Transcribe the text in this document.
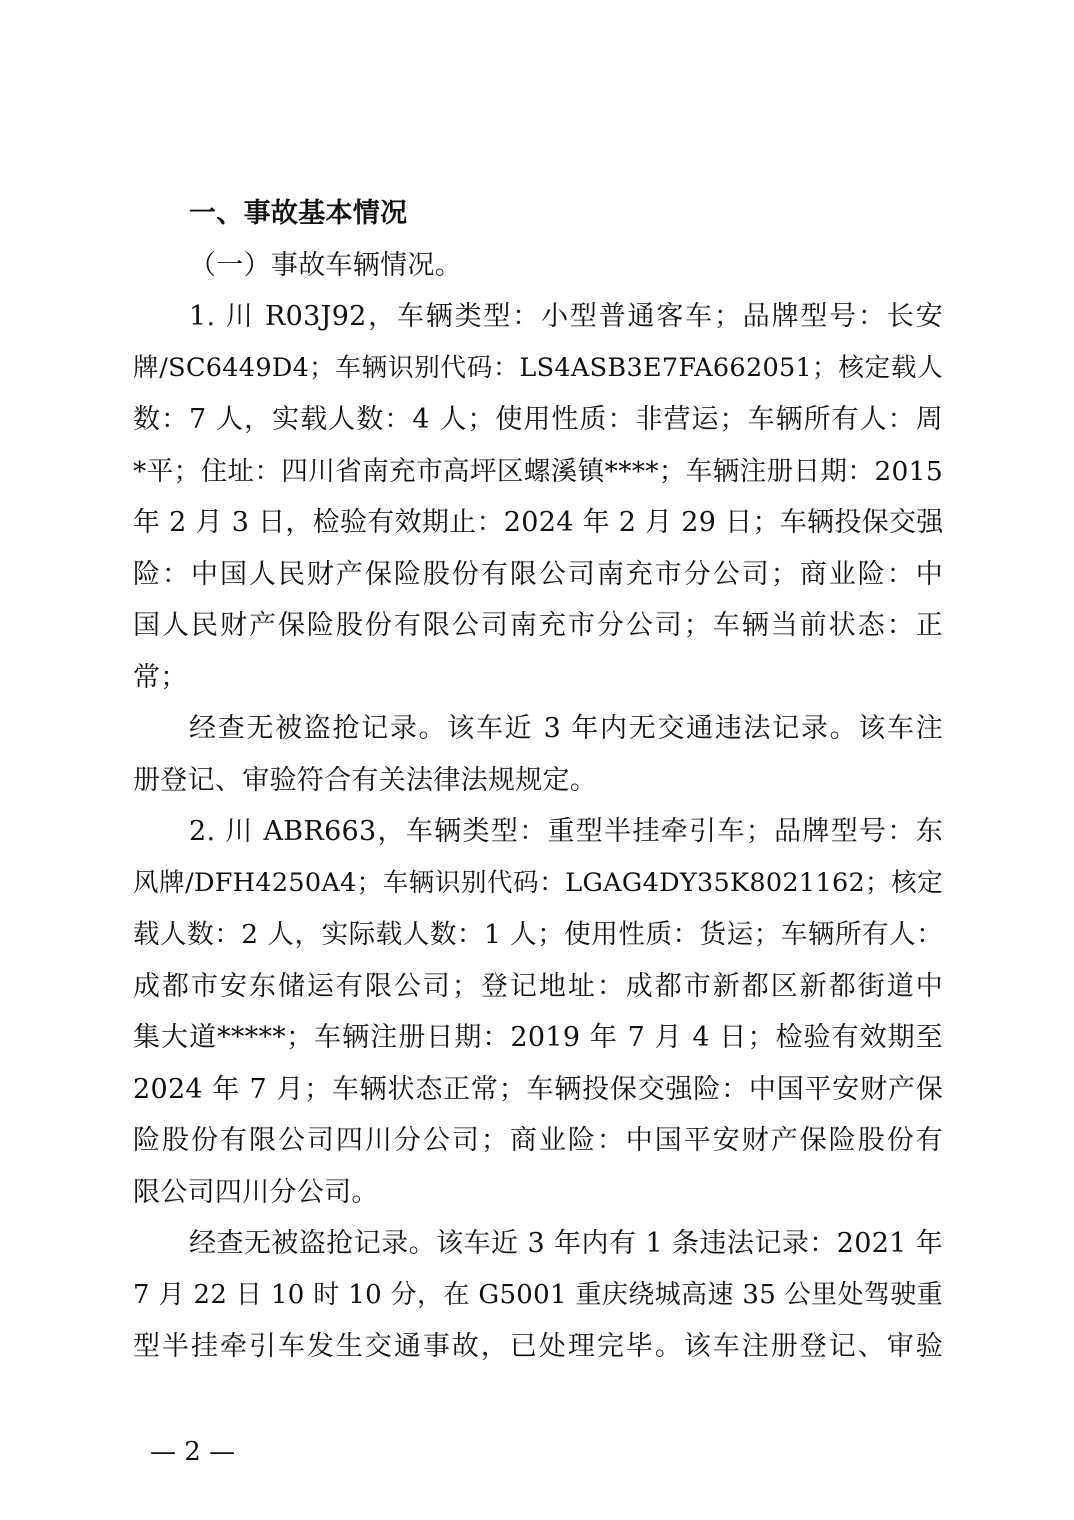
一、事故基本情况
（一）事故车辆情况。
1. 川 R03J92，车辆类型：小型普通客车；品牌型号：长安
牌/SC6449D4；车辆识别代码：LS4ASB3E7FA662051；核定载人
数：7 人，实载人数：4 人；使用性质：非营运；车辆所有人：周
*平；住址：四川省南充市高坪区螺溪镇****；车辆注册日期：2015
年 2 月 3 日，检验有效期止：2024 年 2 月 29 日；车辆投保交强
险：中国人民财产保险股份有限公司南充市分公司；商业险：中
国人民财产保险股份有限公司南充市分公司；车辆当前状态：正
常；
经查无被盗抢记录。该车近 3 年内无交通违法记录。该车注
册登记、审验符合有关法律法规规定。
2. 川 ABR663，车辆类型：重型半挂牵引车；品牌型号：东
风牌/DFH4250A4；车辆识别代码：LGAG4DY35K8021162；核定
载人数：2 人，实际载人数：1 人；使用性质：货运；车辆所有人：
成都市安东储运有限公司；登记地址：成都市新都区新都街道中
集大道*****；车辆注册日期：2019 年 7 月 4 日；检验有效期至
2024 年 7 月；车辆状态正常；车辆投保交强险：中国平安财产保
险股份有限公司四川分公司；商业险：中国平安财产保险股份有
限公司四川分公司。
经查无被盗抢记录。该车近 3 年内有 1 条违法记录：2021 年
7 月 22 日 10 时 10 分，在 G5001 重庆绕城高速 35 公里处驾驶重
型半挂牵引车发生交通事故，已处理完毕。该车注册登记、审验
— 2 —
